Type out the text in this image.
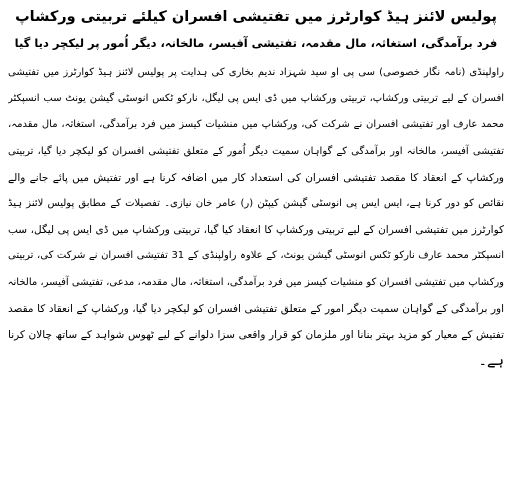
پولیس لائنز ہیڈ کوارٹرز میں تفتیشی افسران کیلئے تربیتی ورکشاپ
فرد برآمدگی، استغاثہ، مال مقدمہ، تفتیشی آفیسر، مالخانہ، دیگر اُمور پر لیکچر دیا گیا
راولپنڈی (نامہ نگار خصوصی) سی پی او سید شہزاد ندیم بخاری کی ہدایت پر پولیس لائنز ہیڈ کوارٹرز میں تفتیشی
افسران کے لیے تربیتی ورکشاپ، تربیتی ورکشاپ میں ڈی ایس پی لیگل، نارکو ٹکس انوسٹی گیشن یونٹ سب انسپکٹر
محمد عارف اور تفتیشی افسران نے شرکت کی، ورکشاپ میں منشیات کیسز میں فرد برآمدگی، استغاثہ، مال مقدمہ،
تفتیشی آفیسر، مالخانہ اور برآمدگی کے گواہان سمیت دیگر اُمور کے متعلق تفتیشی افسران کو لیکچر دیا گیا، تربیتی
ورکشاپ کے انعقاد کا مقصد تفتیشی افسران کی استعداد کار میں اضافہ کرنا ہے اور تفتیش میں پائے جانے والے
نقائص کو دور کرنا ہے، ایس ایس پی انوسٹی گیشن کیپٹن (ر) عامر خان نیازی۔ تفصیلات کے مطابق پولیس لائنز ہیڈ
کوارٹرز میں تفتیشی افسران کے لیے تربیتی ورکشاپ کا انعقاد کیا گیا، تربیتی ورکشاپ میں ڈی ایس پی لیگل، سب
انسپکٹر محمد عارف نارکو ٹکس انوسٹی گیشن یونٹ، کے علاوہ راولپنڈی کے 31 تفتیشی افسران نے شرکت کی، تربیتی
ورکشاپ میں تفتیشی افسران کو منشیات کیسز میں فرد برآمدگی، استغاثہ، مال مقدمہ، مدعی، تفتیشی آفیسر، مالخانہ
اور برآمدگی کے گواہان سمیت دیگر امور کے متعلق تفتیشی افسران کو لیکچر دیا گیا، ورکشاپ کے انعقاد کا مقصد
تفتیش کے معیار کو مزید بہتر بنانا اور ملزمان کو قرار واقعی سزا دلوانے کے لیے ٹھوس شواہد کے ساتھ چالان کرنا
ہے۔
